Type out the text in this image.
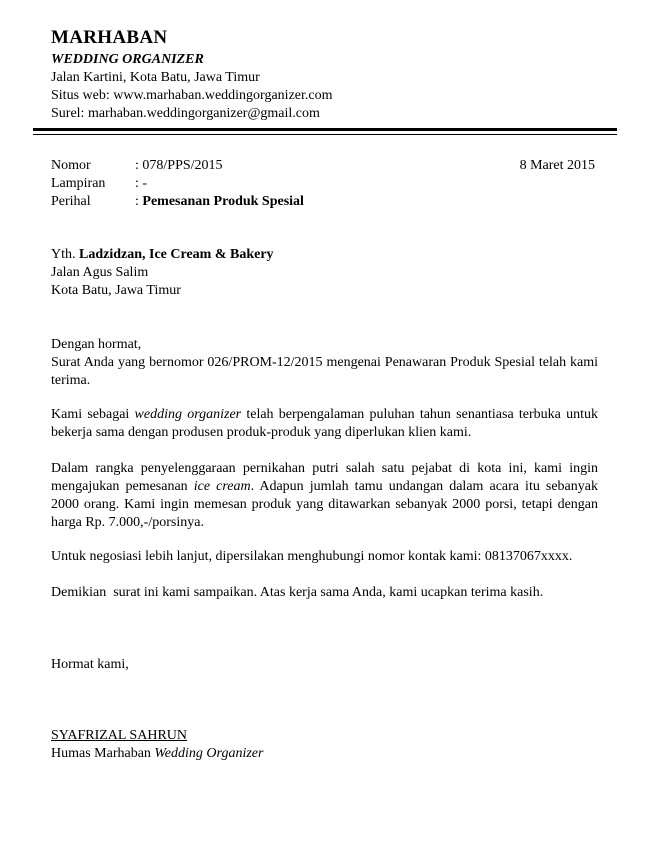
MARHABAN
WEDDING ORGANIZER
Jalan Kartini, Kota Batu, Jawa Timur
Situs web: www.marhaban.weddingorganizer.com
Surel: marhaban.weddingorganizer@gmail.com
Nomor	: 078/PPS/2015
Lampiran	: -
Perihal	: Pemesanan Produk Spesial
8 Maret 2015
Yth. Ladzidzan, Ice Cream & Bakery
Jalan Agus Salim
Kota Batu, Jawa Timur
Dengan hormat,
Surat Anda yang bernomor 026/PROM-12/2015 mengenai Penawaran Produk Spesial telah kami terima.
Kami sebagai wedding organizer telah berpengalaman puluhan tahun senantiasa terbuka untuk bekerja sama dengan produsen produk-produk yang diperlukan klien kami.
Dalam rangka penyelenggaraan pernikahan putri salah satu pejabat di kota ini, kami ingin mengajukan pemesanan ice cream. Adapun jumlah tamu undangan dalam acara itu sebanyak 2000 orang. Kami ingin memesan produk yang ditawarkan sebanyak 2000 porsi, tetapi dengan harga Rp. 7.000,-/porsinya.
Untuk negosiasi lebih lanjut, dipersilakan menghubungi nomor kontak kami: 08137067xxxx.
Demikian  surat ini kami sampaikan. Atas kerja sama Anda, kami ucapkan terima kasih.
Hormat kami,
SYAFRIZAL SAHRUN
Humas Marhaban Wedding Organizer
